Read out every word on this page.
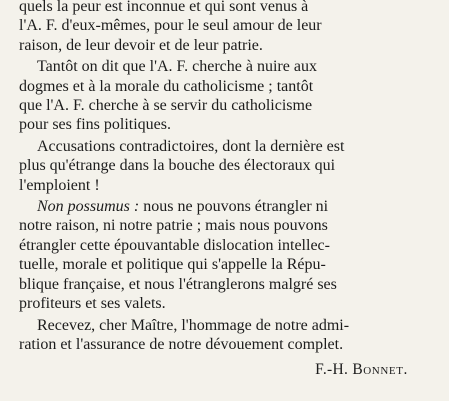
quels la peur est inconnue et qui sont venus à
l'A. F. d'eux-mêmes, pour le seul amour de leur
raison, de leur devoir et de leur patrie.

Tantôt on dit que l'A. F. cherche à nuire aux
dogmes et à la morale du catholicisme ; tantôt
que l'A. F. cherche à se servir du catholicisme
pour ses fins politiques.

Accusations contradictoires, dont la dernière est
plus qu'étrange dans la bouche des électoraux qui
l'emploient !

Non possumus : nous ne pouvons étrangler ni
notre raison, ni notre patrie ; mais nous pouvons
étrangler cette épouvantable dislocation intellec-
tuelle, morale et politique qui s'appelle la Répu-
blique française, et nous l'étranglerons malgré ses
profiteurs et ses valets.

Recevez, cher Maître, l'hommage de notre admi-
ration et l'assurance de notre dévouement complet.

F.-H. Bonnet.
